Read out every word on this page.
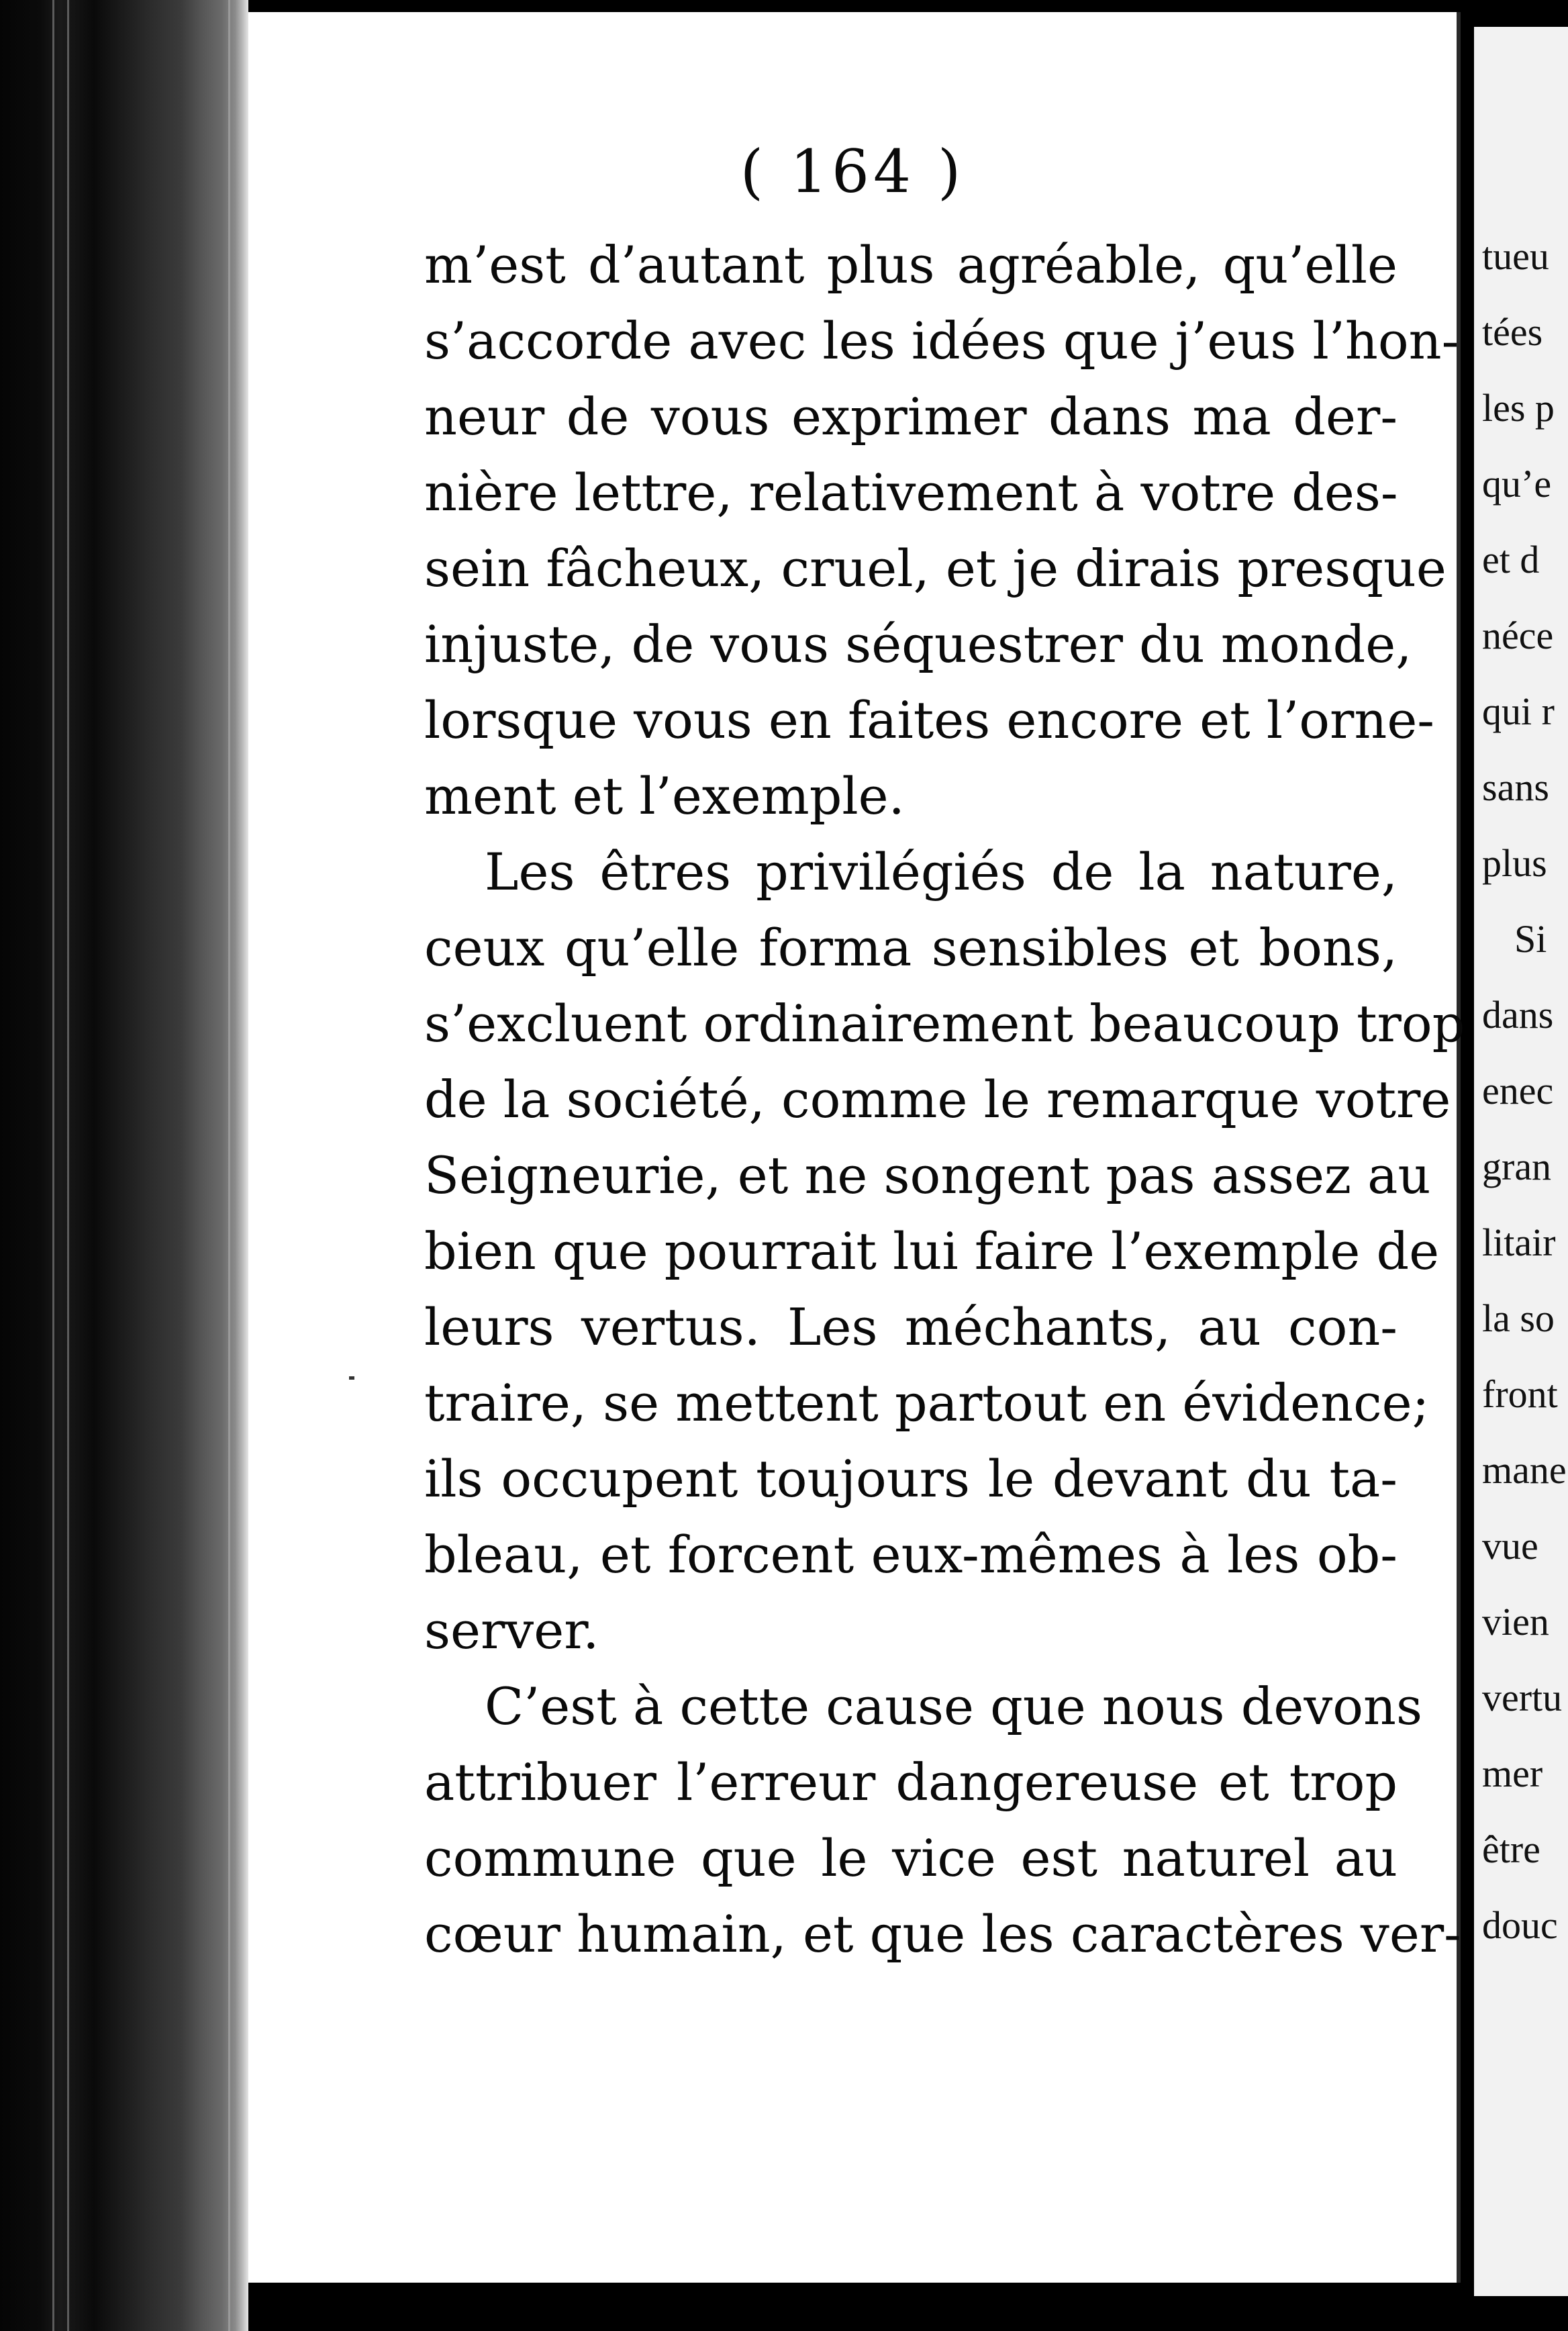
( 164 )
m’est d’autant plus agréable, qu’elle
s’accorde avec les idées que j’eus l’hon-
neur de vous exprimer dans ma der-
nière lettre, relativement à votre des-
sein fâcheux, cruel, et je dirais presque
injuste, de vous séquestrer du monde,
lorsque vous en faites encore et l’orne-
ment et l’exemple.
Les êtres privilégiés de la nature,
ceux qu’elle forma sensibles et bons,
s’excluent ordinairement beaucoup trop
de la société, comme le remarque votre
Seigneurie, et ne songent pas assez au
bien que pourrait lui faire l’exemple de
leurs vertus. Les méchants, au con-
traire, se mettent partout en évidence;
ils occupent toujours le devant du ta-
bleau, et forcent eux-mêmes à les ob-
server.
C’est à cette cause que nous devons
attribuer l’erreur dangereuse et trop
commune que le vice est naturel au
cœur humain, et que les caractères ver-
tueu
tées
les p
qu’e
et d
néce
qui r
sans
plus
Si
dans
enec
gran
litair
la so
front
mane
vue
vien
vertu
mer
être
douc
